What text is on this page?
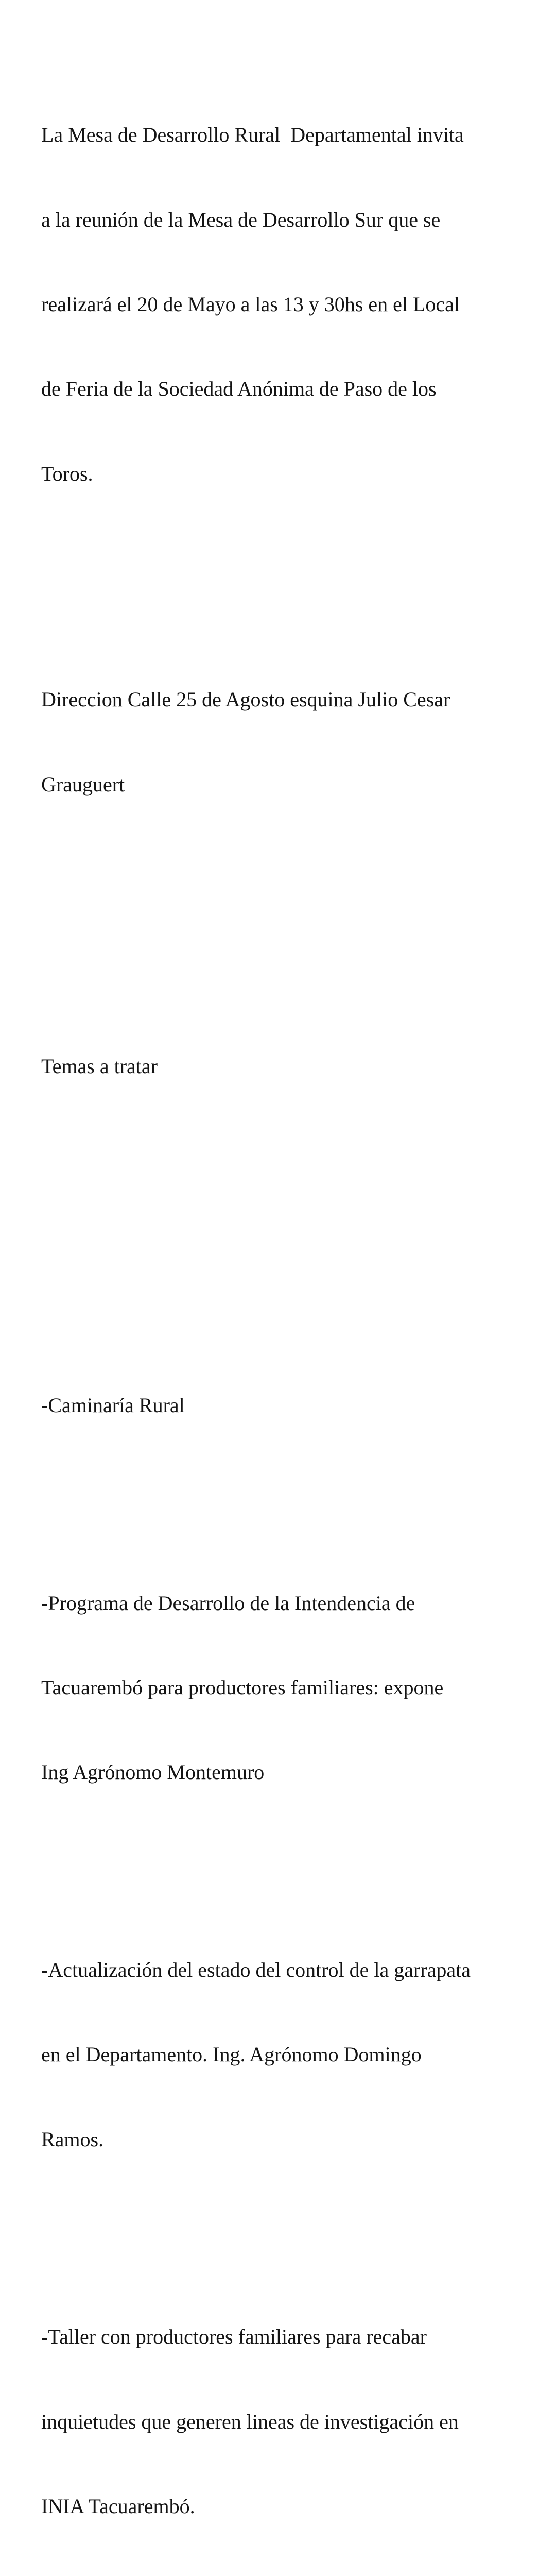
La Mesa de Desarrollo Rural  Departamental invita

a la reunión de la Mesa de Desarrollo Sur que se

realizará el 20 de Mayo a las 13 y 30hs en el Local

de Feria de la Sociedad Anónima de Paso de los

Toros.

Direccion Calle 25 de Agosto esquina Julio Cesar

Grauguert

Temas a tratar

-Caminaría Rural

-Programa de Desarrollo de la Intendencia de

Tacuarembó para productores familiares: expone

Ing Agrónomo Montemuro

-Actualización del estado del control de la garrapata

en el Departamento. Ing. Agrónomo Domingo

Ramos.

-Taller con productores familiares para recabar

inquietudes que generen lineas de investigación en

INIA Tacuarembó.
